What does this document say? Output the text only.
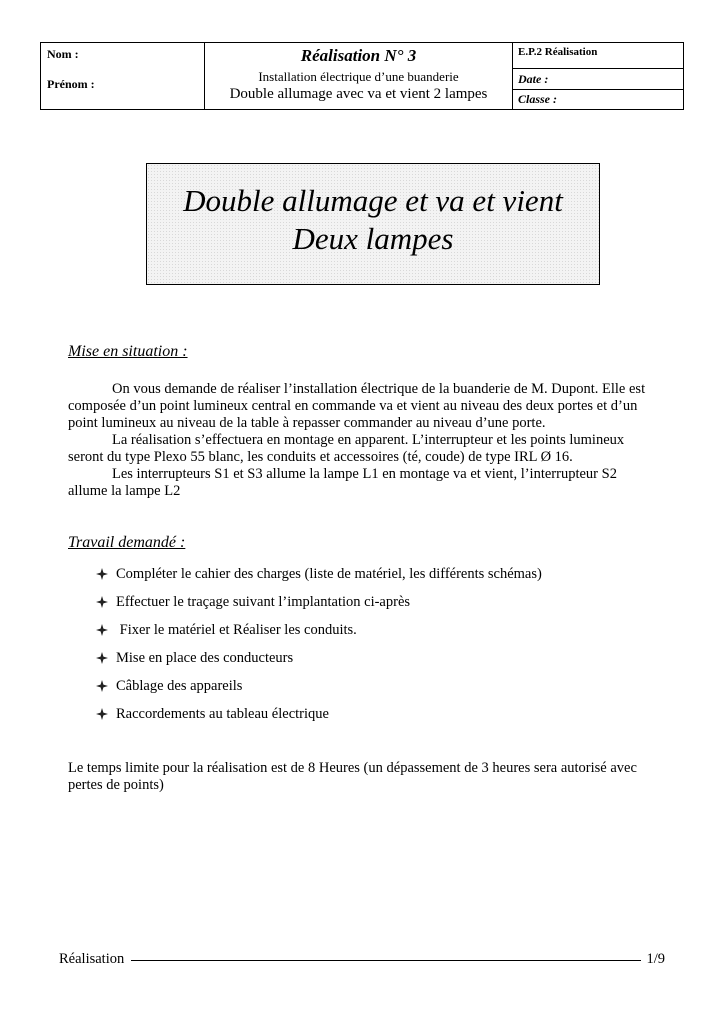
Nom :
Prénom :
Réalisation N° 3
Installation électrique d’une buanderie
Double allumage avec va et vient 2 lampes
E.P.2 Réalisation
Date :
Classe :
Double allumage et va et vient
Deux lampes
Mise en situation :
On vous demande de réaliser l’installation électrique de la buanderie de M. Dupont. Elle est composée d’un point lumineux central en commande va et vient au niveau des deux portes et d’un point lumineux au niveau de la table à repasser commander au niveau d’une porte.
La réalisation s’effectuera en montage en apparent. L’interrupteur et les points lumineux seront du type Plexo 55 blanc, les conduits et accessoires (té, coude) de type IRL Ø 16.
Les interrupteurs S1 et S3 allume la lampe L1 en montage va et vient, l’interrupteur S2 allume la lampe L2
Travail demandé :
Compléter le cahier des charges (liste de matériel, les différents schémas)
Effectuer le traçage suivant l’implantation ci-après
Fixer le matériel et Réaliser les conduits.
Mise en place des conducteurs
Câblage des appareils
Raccordements au tableau électrique
Le temps limite pour la réalisation est de 8 Heures (un dépassement de 3 heures sera autorisé avec pertes de points)
Réalisation	1/9
